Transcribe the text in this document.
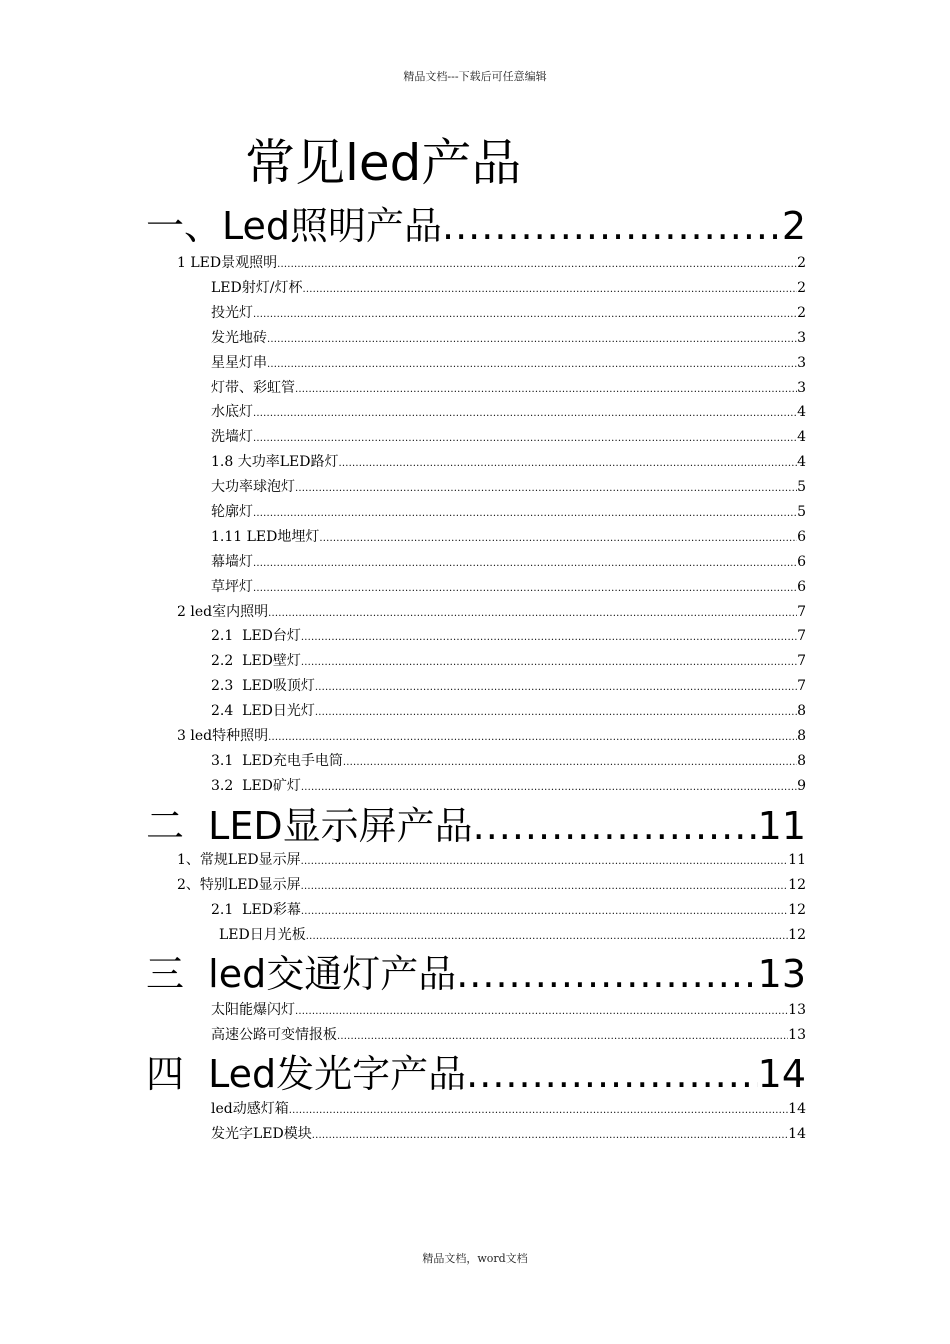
精品文档---下载后可任意编辑
常见led产品
一、Led照明产品 .....	2
1 LED景观照明 .....	2
LED射灯/灯杯 .....	2
投光灯 .....	2
发光地砖 .....	3
星星灯串 .....	3
灯带、彩虹管 .....	3
水底灯 .....	4
洗墙灯 .....	4
1.8 大功率LED路灯 .....	4
大功率球泡灯 .....	5
轮廓灯 .....	5
1.11 LED地埋灯 .....	6
幕墙灯 .....	6
草坪灯 .....	6
2 led室内照明 .....	7
2.1  LED台灯 .....	7
2.2  LED壁灯 .....	7
2.3  LED吸顶灯 .....	7
2.4  LED日光灯 .....	8
3 led特种照明 .....	8
3.1  LED充电手电筒 .....	8
3.2  LED矿灯 .....	9
二  LED显示屏产品 .....	11
1、常规LED显示屏 .....	11
2、特别LED显示屏 .....	12
2.1  LED彩幕 .....	12
LED日月光板 .....	12
三  led交通灯产品 .....	13
太阳能爆闪灯 .....	13
高速公路可变情报板 .....	13
四  Led发光字产品 .....	14
led动感灯箱 .....	14
发光字LED模块 .....	14
精品文档，word文档
